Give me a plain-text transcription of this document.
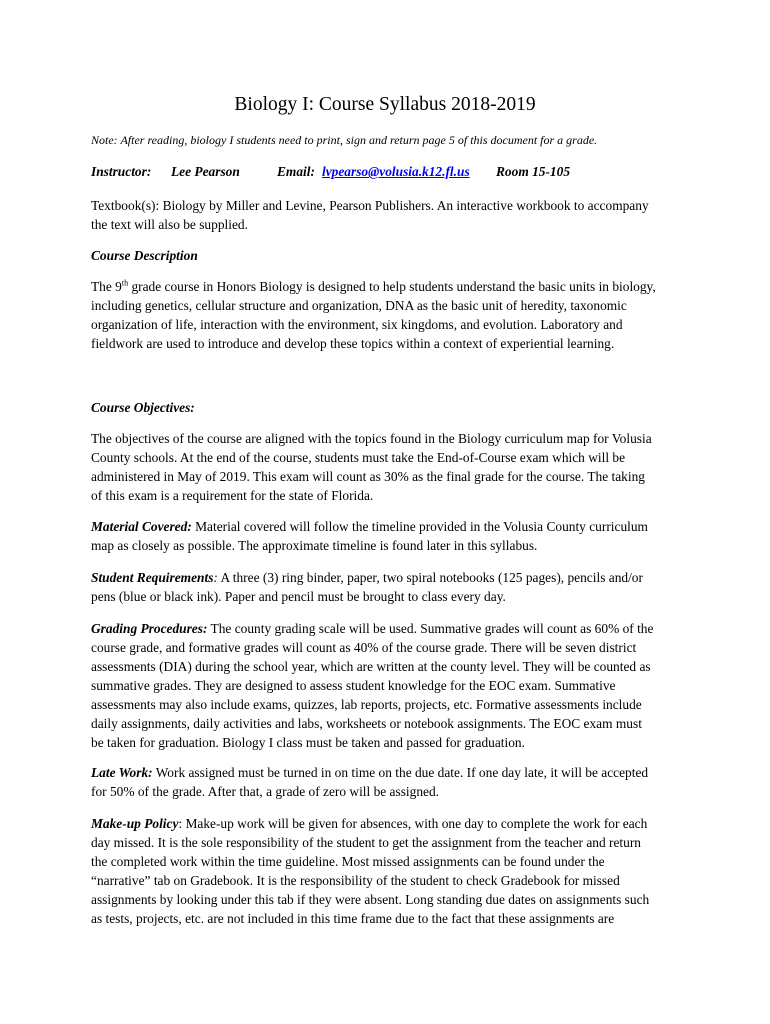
Biology I: Course Syllabus 2018-2019
Note: After reading, biology I students need to print, sign and return page 5 of this document for a grade.
Instructor: Lee Pearson	Email: lvpearso@volusia.k12.fl.us Room 15-105
Textbook(s): Biology by Miller and Levine, Pearson Publishers. An interactive workbook to accompany
the text will also be supplied.
Course Description
The 9th grade course in Honors Biology is designed to help students understand the basic units in biology,
including genetics, cellular structure and organization, DNA as the basic unit of heredity, taxonomic
organization of life, interaction with the environment, six kingdoms, and evolution. Laboratory and
fieldwork are used to introduce and develop these topics within a context of experiential learning.
Course Objectives:
The objectives of the course are aligned with the topics found in the Biology curriculum map for Volusia
County schools. At the end of the course, students must take the End-of-Course exam which will be
administered in May of 2019. This exam will count as 30% as the final grade for the course. The taking
of this exam is a requirement for the state of Florida.
Material Covered: Material covered will follow the timeline provided in the Volusia County curriculum
map as closely as possible. The approximate timeline is found later in this syllabus.
Student Requirements: A three (3) ring binder, paper, two spiral notebooks (125 pages), pencils and/or
pens (blue or black ink). Paper and pencil must be brought to class every day.
Grading Procedures: The county grading scale will be used. Summative grades will count as 60% of the
course grade, and formative grades will count as 40% of the course grade. There will be seven district
assessments (DIA) during the school year, which are written at the county level. They will be counted as
summative grades. They are designed to assess student knowledge for the EOC exam. Summative
assessments may also include exams, quizzes, lab reports, projects, etc. Formative assessments include
daily assignments, daily activities and labs, worksheets or notebook assignments. The EOC exam must
be taken for graduation. Biology I class must be taken and passed for graduation.
Late Work: Work assigned must be turned in on time on the due date. If one day late, it will be accepted
for 50% of the grade. After that, a grade of zero will be assigned.
Make-up Policy: Make-up work will be given for absences, with one day to complete the work for each
day missed. It is the sole responsibility of the student to get the assignment from the teacher and return
the completed work within the time guideline. Most missed assignments can be found under the
“narrative” tab on Gradebook. It is the responsibility of the student to check Gradebook for missed
assignments by looking under this tab if they were absent. Long standing due dates on assignments such
as tests, projects, etc. are not included in this time frame due to the fact that these assignments are
